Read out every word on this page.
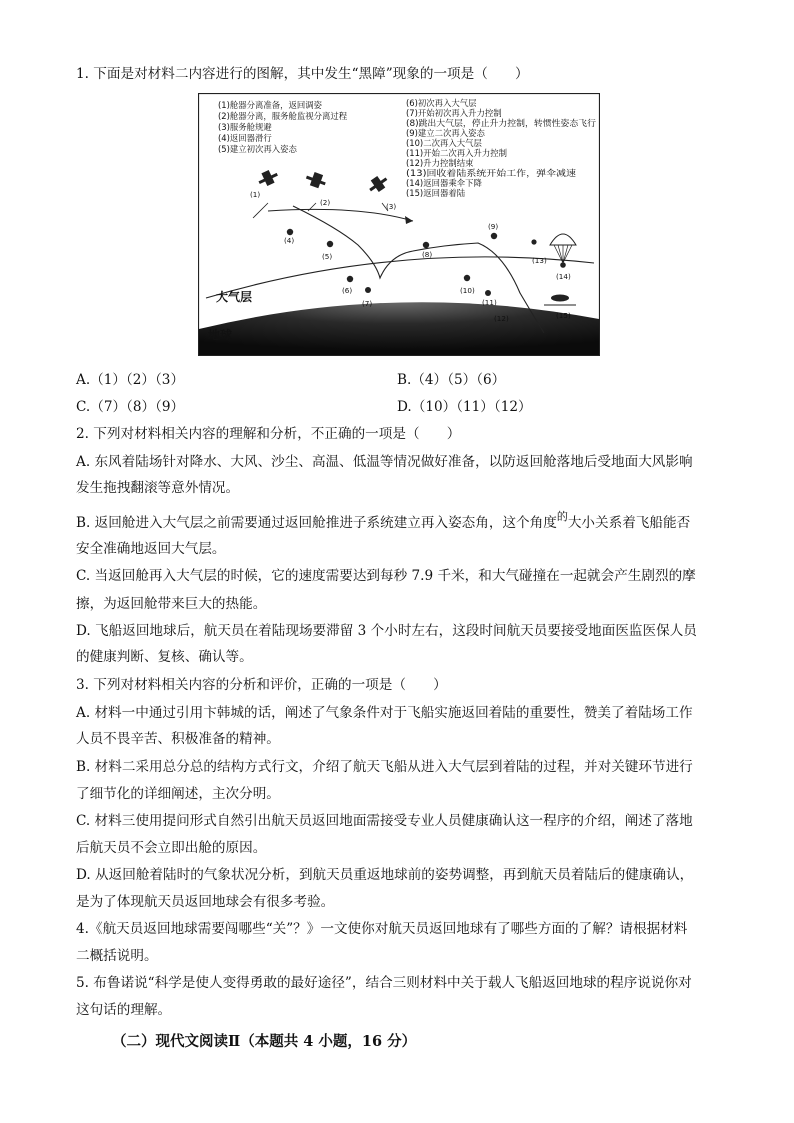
1. 下面是对材料二内容进行的图解，其中发生“黑障”现象的一项是（　　）
(1)舱器分离准备，返回调姿
(2)舱器分离，服务舱监视分离过程
(3)服务舱规避
(4)返回器滑行
(5)建立初次再入姿态
(6)初次再入大气层
(7)开始初次再入升力控制
(8)跳出大气层，停止升力控制，转惯性姿态飞行
(9)建立二次再入姿态
(10)二次再入大气层
(11)开始二次再入升力控制
(12)升力控制结束
(13)回收着陆系统开始工作，弹伞减速
(14)返回器乘伞下降
(15)返回器着陆
(1)
(2)	(3)
(4)
(5)
(6)
(7)
(8)
(9)
(10)
(11)
(12)
(13)
(14)
(15)
大气层
地球
A.（1）（2）（3）	B.（4）（5）（6）
C.（7）（8）（9）	D.（10）（11）（12）
2. 下列对材料相关内容的理解和分析，不正确的一项是（　　）
A. 东风着陆场针对降水、大风、沙尘、高温、低温等情况做好准备，以防返回舱落地后受地面大风影响
发生拖拽翻滚等意外情况。
B. 返回舱进入大气层之前需要通过返回舱推进子系统建立再入姿态角，这个角度$^的$大小关系着飞船能否
安全准确地返回大气层。
C. 当返回舱再入大气层的时候，它的速度需要达到每秒 7.9 千米，和大气碰撞在一起就会产生剧烈的摩
擦，为返回舱带来巨大的热能。
D. 飞船返回地球后，航天员在着陆现场要滞留 3 个小时左右，这段时间航天员要接受地面医监医保人员
的健康判断、复核、确认等。
3. 下列对材料相关内容的分析和评价，正确的一项是（　　）
A. 材料一中通过引用卞韩城的话，阐述了气象条件对于飞船实施返回着陆的重要性，赞美了着陆场工作
人员不畏辛苦、积极准备的精神。
B. 材料二采用总分总的结构方式行文，介绍了航天飞船从进入大气层到着陆的过程，并对关键环节进行
了细节化的详细阐述，主次分明。
C. 材料三使用提问形式自然引出航天员返回地面需接受专业人员健康确认这一程序的介绍，阐述了落地
后航天员不会立即出舱的原因。
D. 从返回舱着陆时的气象状况分析，到航天员重返地球前的姿势调整，再到航天员着陆后的健康确认，
是为了体现航天员返回地球会有很多考验。
4.《航天员返回地球需要闯哪些“关”？》一文使你对航天员返回地球有了哪些方面的了解？请根据材料
二概括说明。
5. 布鲁诺说“科学是使人变得勇敢的最好途径”，结合三则材料中关于载人飞船返回地球的程序说说你对
这句话的理解。
（二）现代文阅读Ⅱ（本题共 4 小题，16 分）
